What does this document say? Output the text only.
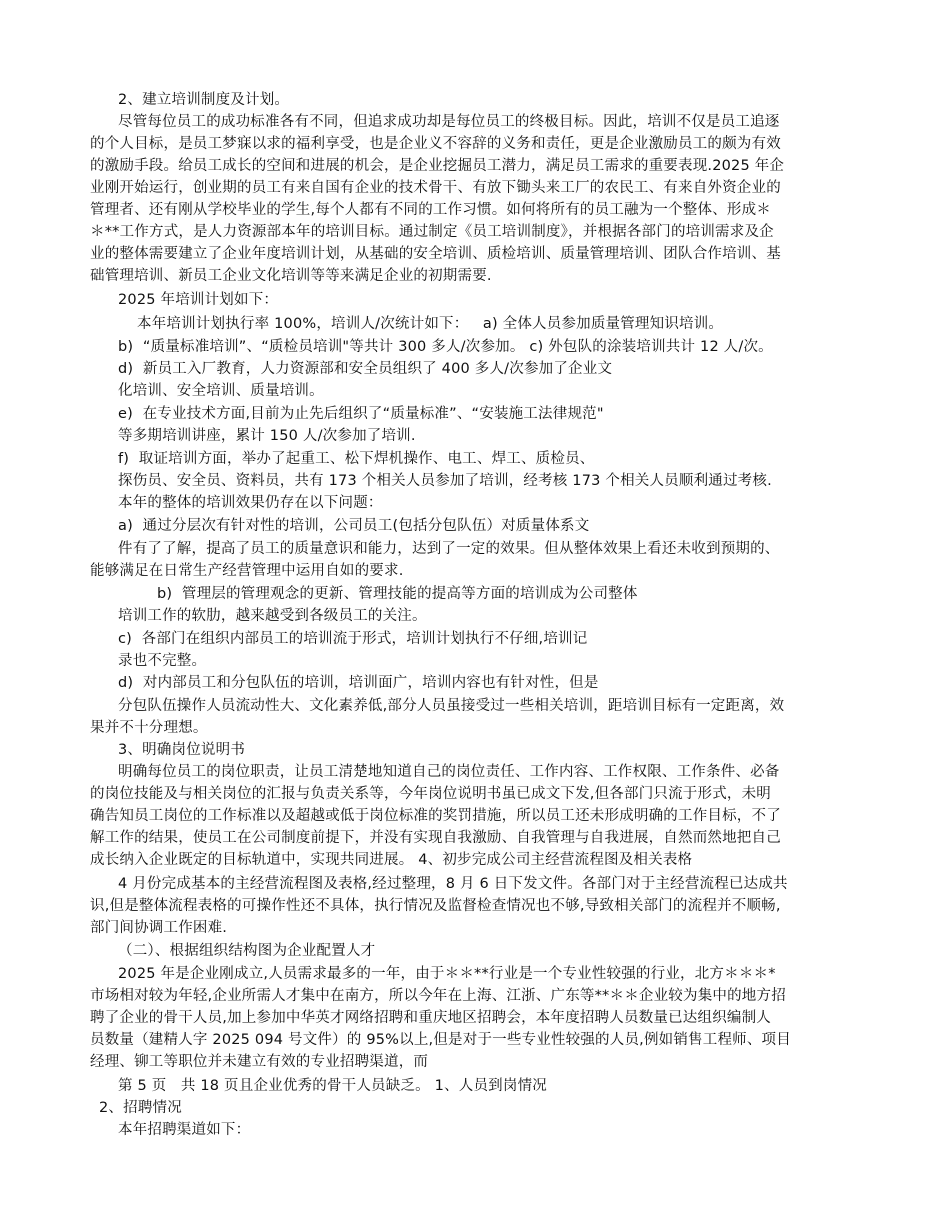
2、建立培训制度及计划。
尽管每位员工的成功标准各有不同，但追求成功却是每位员工的终极目标。因此，培训不仅是员工追逐
的个人目标，是员工梦寐以求的福利享受，也是企业义不容辞的义务和责任，更是企业激励员工的颇为有效
的激励手段。给员工成长的空间和进展的机会，是企业挖掘员工潜力，满足员工需求的重要表现.2025 年企
业刚开始运行，创业期的员工有来自国有企业的技术骨干、有放下锄头来工厂的农民工、有来自外资企业的
管理者、还有刚从学校毕业的学生,每个人都有不同的工作习惯。如何将所有的员工融为一个整体、形成＊
＊**工作方式，是人力资源部本年的培训目标。通过制定《员工培训制度》，并根据各部门的培训需求及企
业的整体需要建立了企业年度培训计划，从基础的安全培训、质检培训、质量管理培训、团队合作培训、基
础管理培训、新员工企业文化培训等等来满足企业的初期需要.
2025 年培训计划如下：
本年培训计划执行率 100%，培训人/次统计如下：   a) 全体人员参加质量管理知识培训。
b)  “质量标准培训”、“质检员培训"等共计 300 多人/次参加。 c) 外包队的涂装培训共计 12 人/次。
d)  新员工入厂教育，人力资源部和安全员组织了 400 多人/次参加了企业文
化培训、安全培训、质量培训。
e)  在专业技术方面,目前为止先后组织了“质量标准”、“安装施工法律规范"
等多期培训讲座，累计 150 人/次参加了培训.
f)  取证培训方面，举办了起重工、松下焊机操作、电工、焊工、质检员、
探伤员、安全员、资料员，共有 173 个相关人员参加了培训，经考核 173 个相关人员顺利通过考核.
本年的整体的培训效果仍存在以下问题：
a)  通过分层次有针对性的培训，公司员工(包括分包队伍）对质量体系文
件有了了解，提高了员工的质量意识和能力，达到了一定的效果。但从整体效果上看还未收到预期的、
能够满足在日常生产经营管理中运用自如的要求.
b)  管理层的管理观念的更新、管理技能的提高等方面的培训成为公司整体
培训工作的软肋，越来越受到各级员工的关注。
c)  各部门在组织内部员工的培训流于形式，培训计划执行不仔细,培训记
录也不完整。
d)  对内部员工和分包队伍的培训，培训面广，培训内容也有针对性，但是
分包队伍操作人员流动性大、文化素养低,部分人员虽接受过一些相关培训，距培训目标有一定距离，效
果并不十分理想。
3、明确岗位说明书
明确每位员工的岗位职责，让员工清楚地知道自己的岗位责任、工作内容、工作权限、工作条件、必备
的岗位技能及与相关岗位的汇报与负责关系等，今年岗位说明书虽已成文下发,但各部门只流于形式，未明
确告知员工岗位的工作标准以及超越或低于岗位标准的奖罚措施，所以员工还未形成明确的工作目标，不了
解工作的结果，使员工在公司制度前提下，并没有实现自我激励、自我管理与自我进展，自然而然地把自己
成长纳入企业既定的目标轨道中，实现共同进展。 4、初步完成公司主经营流程图及相关表格
4 月份完成基本的主经营流程图及表格,经过整理，8 月 6 日下发文件。各部门对于主经营流程已达成共
识,但是整体流程表格的可操作性还不具体，执行情况及监督检查情况也不够,导致相关部门的流程并不顺畅,
部门间协调工作困难.
（二）、根据组织结构图为企业配置人才
2025 年是企业刚成立,人员需求最多的一年，由于＊＊**行业是一个专业性较强的行业，北方＊＊＊*
市场相对较为年轻,企业所需人才集中在南方，所以今年在上海、江浙、广东等**＊＊企业较为集中的地方招
聘了企业的骨干人员,加上参加中华英才网络招聘和重庆地区招聘会，本年度招聘人员数量已达组织编制人
员数量（建精人字 2025 094 号文件）的 95%以上,但是对于一些专业性较强的人员,例如销售工程师、项目
经理、铆工等职位并未建立有效的专业招聘渠道，而
第 5 页   共 18 页且企业优秀的骨干人员缺乏。 1、人员到岗情况
2、招聘情况
本年招聘渠道如下：
